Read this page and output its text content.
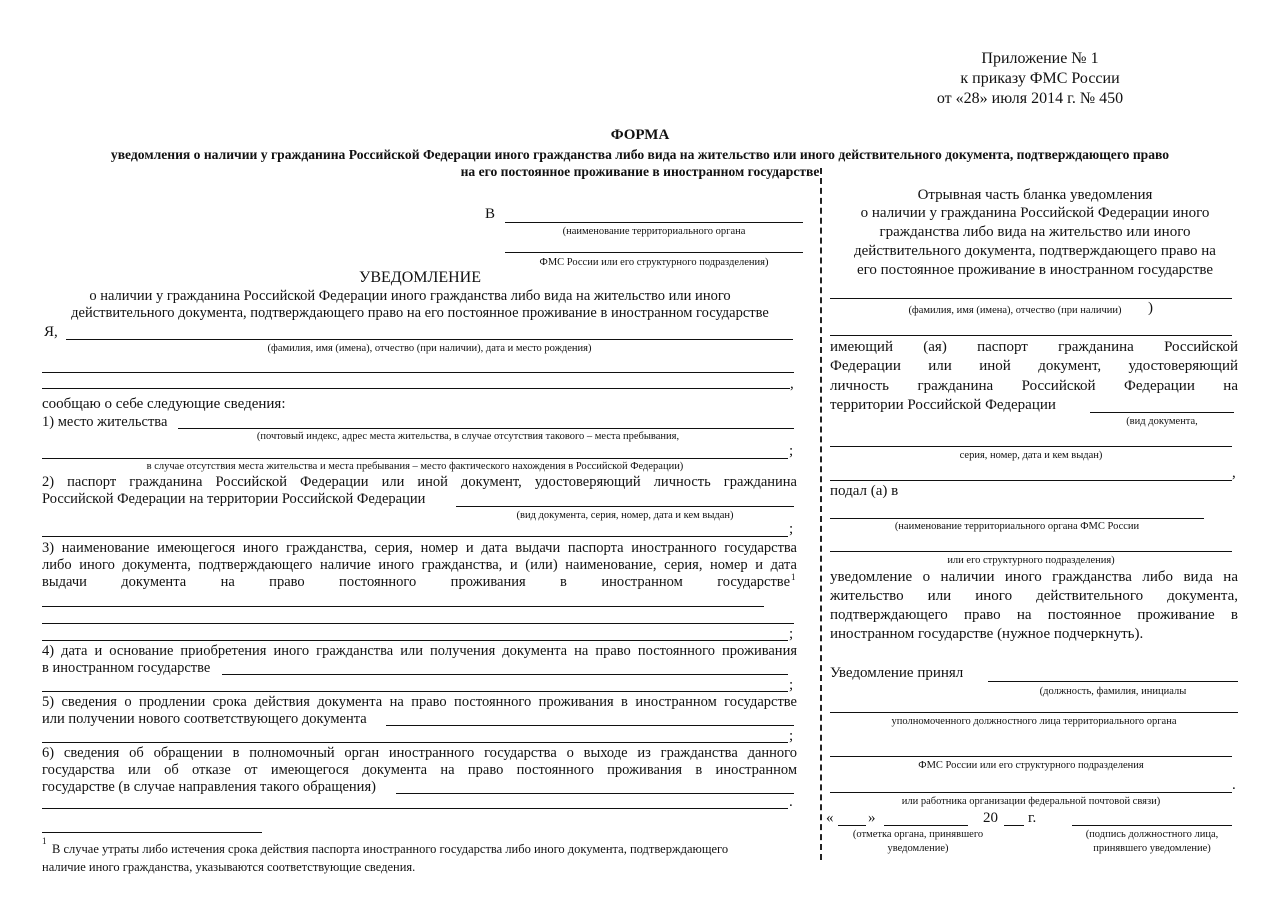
Приложение № 1
к приказу ФМС России
от «28» июля 2014 г. № 450
ФОРМА
уведомления о наличии у гражданина Российской Федерации иного гражданства либо вида на жительство или иного действительного документа, подтверждающего право
на его постоянное проживание в иностранном государстве
В
(наименование территориального органа
ФМС России или его структурного подразделения)
УВЕДОМЛЕНИЕ
о наличии у гражданина Российской Федерации иного гражданства либо вида на жительство или иного
действительного документа, подтверждающего право на его постоянное проживание в иностранном государстве
Я,
(фамилия, имя (имена), отчество (при наличии), дата и место рождения)
,
сообщаю о себе следующие сведения:
1) место жительства
(почтовый индекс, адрес места жительства, в случае отсутствия такового – места пребывания,
;
в случае отсутствия места жительства и места пребывания – место фактического нахождения в Российской Федерации)
2) паспорт гражданина Российской Федерации или иной документ, удостоверяющий личность гражданина
Российской Федерации на территории Российской Федерации
(вид документа, серия, номер, дата и кем выдан)
;
3) наименование имеющегося иного гражданства, серия, номер и дата выдачи паспорта иностранного государства
либо иного документа, подтверждающего наличие иного гражданства, и (или) наименование, серия, номер и дата
выдачи документа на право постоянного проживания в иностранном государстве 1
;
4) дата и основание приобретения иного гражданства или получения документа на право постоянного проживания
в иностранном государстве
;
5) сведения о продлении срока действия документа на право постоянного проживания в иностранном государстве
или получении нового соответствующего документа
;
6) сведения об обращении в полномочный орган иностранного государства о выходе из гражданства данного
государства или об отказе от имеющегося документа на право постоянного проживания в иностранном
государстве (в случае направления такого обращения)
.
1
В случае утраты либо истечения срока действия паспорта иностранного государства либо иного документа, подтверждающего
наличие иного гражданства, указываются соответствующие сведения.
Отрывная часть бланка уведомления
о наличии у гражданина Российской Федерации иного
гражданства либо вида на жительство или иного
действительного документа, подтверждающего право на
его постоянное проживание в иностранном государстве
(фамилия, имя (имена), отчество (при наличии)	)
имеющий (ая) паспорт гражданина Российской
Федерации или иной документ, удостоверяющий
личность гражданина Российской Федерации на
территории Российской Федерации
(вид документа,
серия, номер, дата и кем выдан)
,
подал (а) в
(наименование территориального органа ФМС России
или его структурного подразделения)
уведомление о наличии иного гражданства либо вида на
жительство или иного действительного документа,
подтверждающего право на постоянное проживание в
иностранном государстве (нужное подчеркнуть).
Уведомление принял
(должность, фамилия, инициалы
уполномоченного должностного лица территориального органа
ФМС России или его структурного подразделения
.
или работника организации федеральной почтовой связи)
« »	20 г.
(отметка органа, принявшего
уведомление)
(подпись должностного лица,
принявшего уведомление)
